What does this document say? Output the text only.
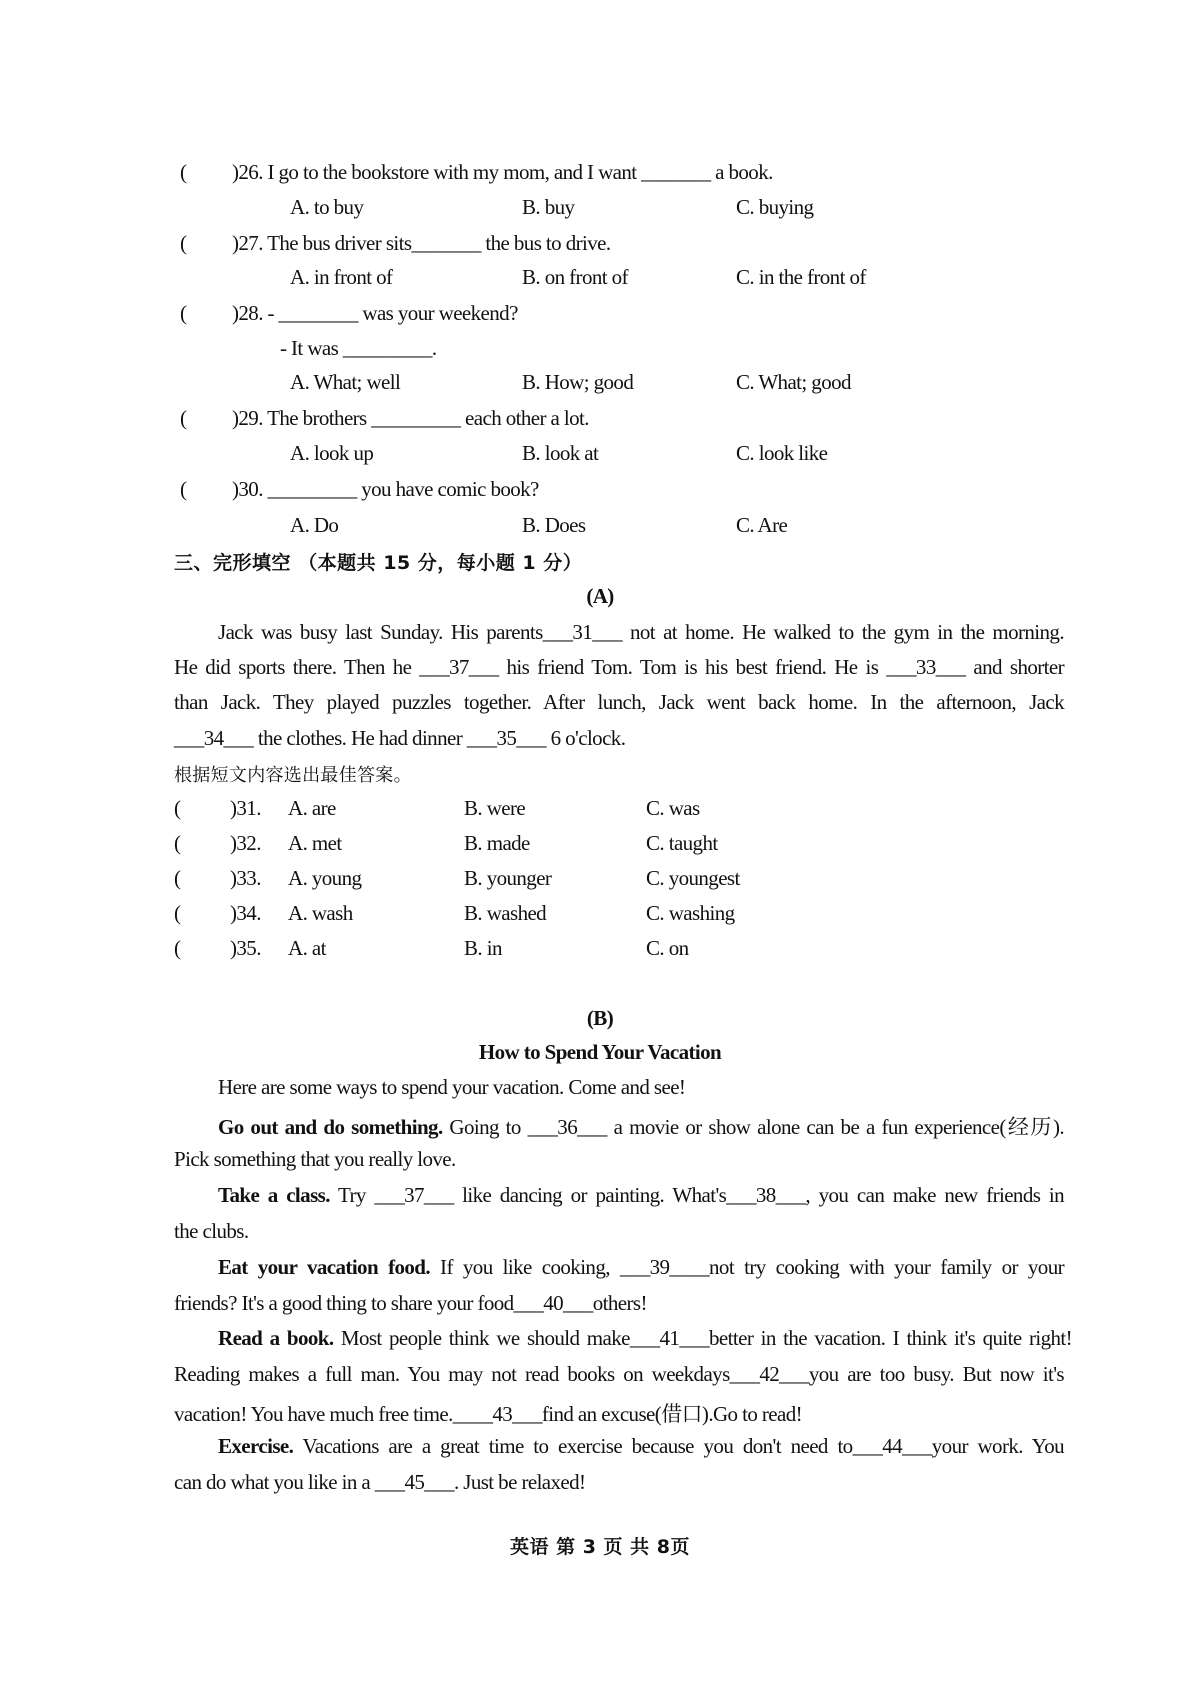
( )26. I go to the bookstore with my mom, and I want _______ a book.
A. to buy	B. buy	C. buying
( )27. The bus driver sits_______ the bus to drive.
A. in front of	B. on front of	C. in the front of
( )28. - ________ was your weekend?
- It was _________.
A. What; well	B. How; good	C. What; good
( )29. The brothers _________ each other a lot.
A. look up	B. look at	C. look like
( )30. _________ you have comic book?
A. Do	B. Does	C. Are
三、完形填空 （本题共 15 分，每小题 1 分）
(A)
Jack was busy last Sunday. His parents___31___ not at home. He walked to the gym in the morning.
He did sports there. Then he ___37___ his friend Tom. Tom is his best friend. He is ___33___ and shorter
than Jack. They played puzzles together. After lunch, Jack went back home. In the afternoon, Jack
___34___ the clothes. He had dinner ___35___ 6 o'clock.
根据短文内容选出最佳答案。
( )31. A. are	B. were	C. was
( )32. A. met	B. made	C. taught
( )33. A. young	B. younger	C. youngest
( )34. A. wash	B. washed	C. washing
( )35. A. at	B. in	C. on
(B)
How to Spend Your Vacation
Here are some ways to spend your vacation. Come and see!
Go out and do something. Going to ___36___ a movie or show alone can be a fun experience(经历).
Pick something that you really love.
Take a class. Try ___37___ like dancing or painting. What's___38___, you can make new friends in
the clubs.
Eat your vacation food. If you like cooking, ___39____not try cooking with your family or your
friends? It's a good thing to share your food___40___others!
Read a book. Most people think we should make___41___better in the vacation. I think it's quite right!
Reading makes a full man. You may not read books on weekdays___42___you are too busy. But now it's
vacation! You have much free time.____43___find an excuse(借口).Go to read!
Exercise. Vacations are a great time to exercise because you don't need to___44___your work. You
can do what you like in a ___45___. Just be relaxed!
英语 第 3 页 共 8页
